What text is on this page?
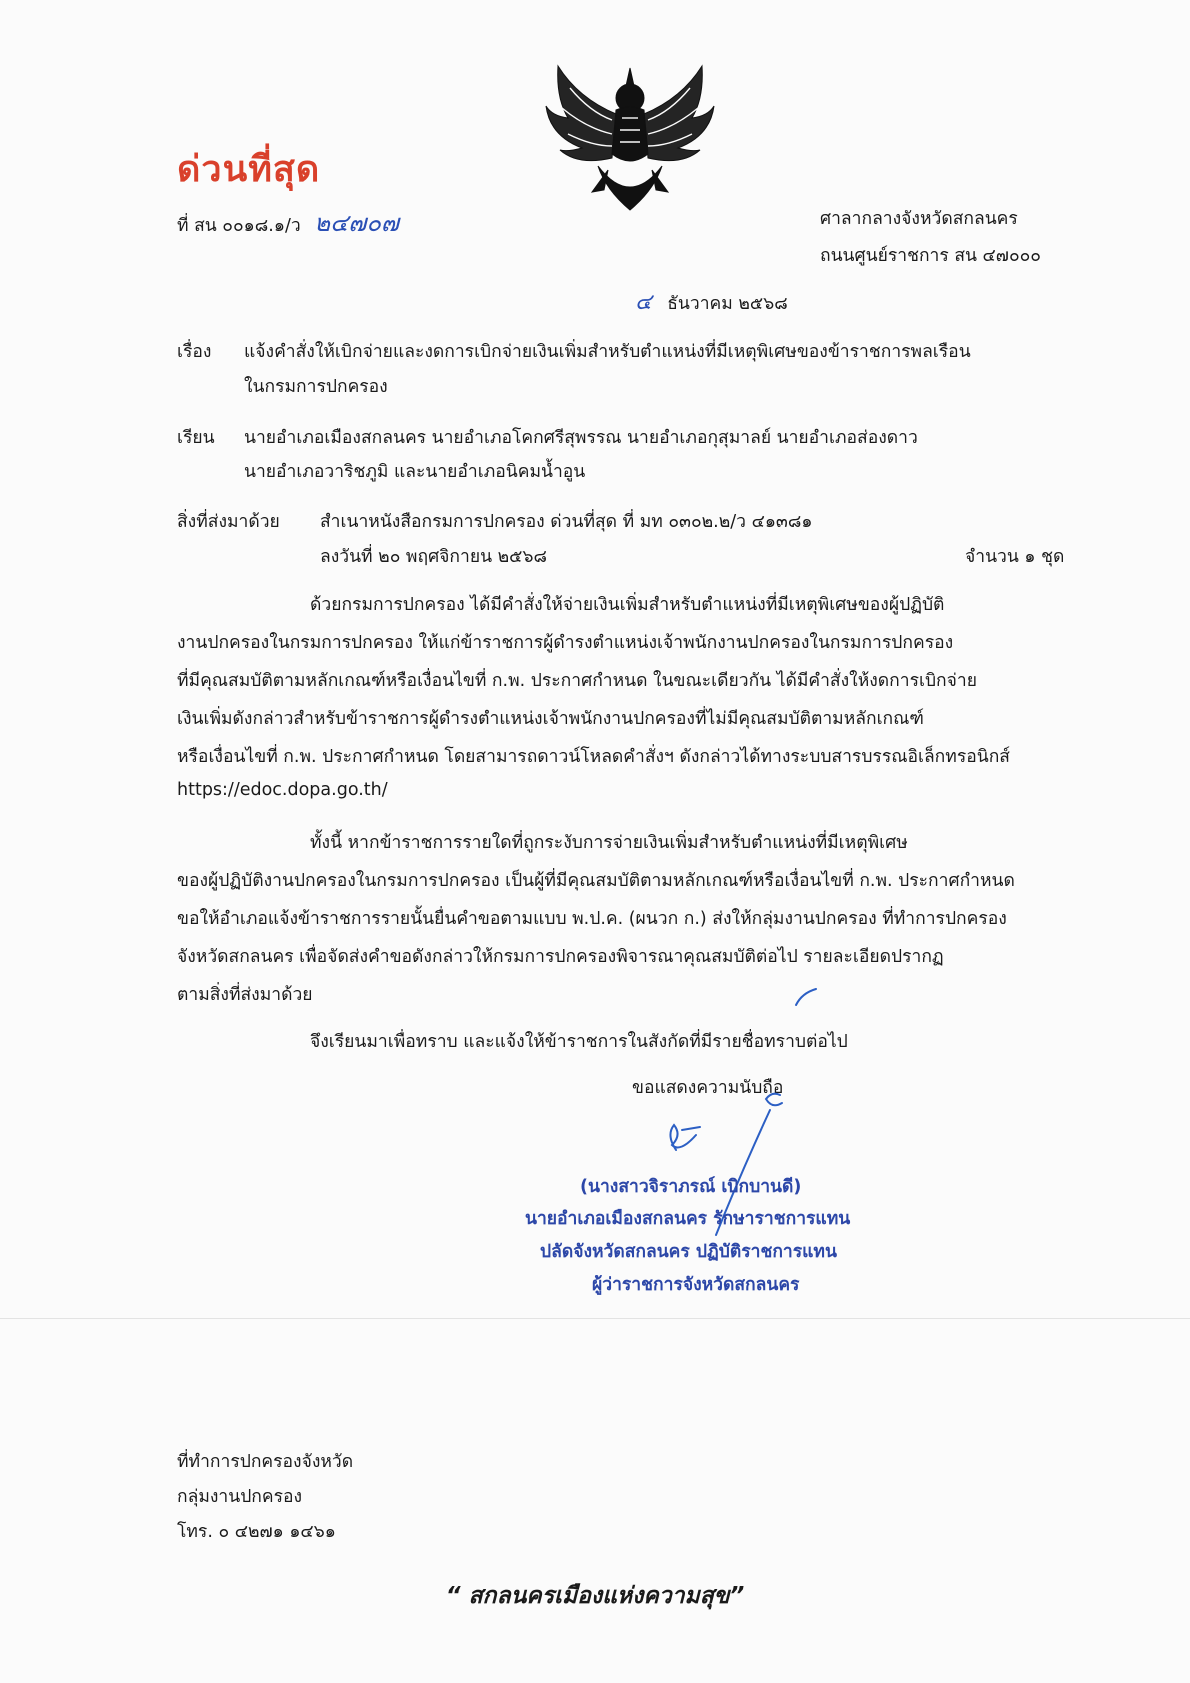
ด่วนที่สุด
ที่ สน ๐๐๑๘.๑/ว ๒๔๗๐๗	ศาลากลางจังหวัดสกลนคร
ถนนศูนย์ราชการ สน ๔๗๐๐๐
๔ ธันวาคม ๒๕๖๘
เรื่อง แจ้งคำสั่งให้เบิกจ่ายและงดการเบิกจ่ายเงินเพิ่มสำหรับตำแหน่งที่มีเหตุพิเศษของข้าราชการพลเรือน
ในกรมการปกครอง
เรียน นายอำเภอเมืองสกลนคร นายอำเภอโคกศรีสุพรรณ นายอำเภอกุสุมาลย์ นายอำเภอส่องดาว
นายอำเภอวาริชภูมิ และนายอำเภอนิคมน้ำอูน
สิ่งที่ส่งมาด้วย สำเนาหนังสือกรมการปกครอง ด่วนที่สุด ที่ มท ๐๓๐๒.๒/ว ๔๑๓๘๑
ลงวันที่ ๒๐ พฤศจิกายน ๒๕๖๘	จำนวน ๑ ชุด
ด้วยกรมการปกครอง ได้มีคำสั่งให้จ่ายเงินเพิ่มสำหรับตำแหน่งที่มีเหตุพิเศษของผู้ปฏิบัติ
งานปกครองในกรมการปกครอง ให้แก่ข้าราชการผู้ดำรงตำแหน่งเจ้าพนักงานปกครองในกรมการปกครอง
ที่มีคุณสมบัติตามหลักเกณฑ์หรือเงื่อนไขที่ ก.พ. ประกาศกำหนด ในขณะเดียวกัน ได้มีคำสั่งให้งดการเบิกจ่าย
เงินเพิ่มดังกล่าวสำหรับข้าราชการผู้ดำรงตำแหน่งเจ้าพนักงานปกครองที่ไม่มีคุณสมบัติตามหลักเกณฑ์
หรือเงื่อนไขที่ ก.พ. ประกาศกำหนด โดยสามารถดาวน์โหลดคำสั่งฯ ดังกล่าวได้ทางระบบสารบรรณอิเล็กทรอนิกส์
https://edoc.dopa.go.th/
ทั้งนี้ หากข้าราชการรายใดที่ถูกระงับการจ่ายเงินเพิ่มสำหรับตำแหน่งที่มีเหตุพิเศษ
ของผู้ปฏิบัติงานปกครองในกรมการปกครอง เป็นผู้ที่มีคุณสมบัติตามหลักเกณฑ์หรือเงื่อนไขที่ ก.พ. ประกาศกำหนด
ขอให้อำเภอแจ้งข้าราชการรายนั้นยื่นคำขอตามแบบ พ.ป.ค. (ผนวก ก.) ส่งให้กลุ่มงานปกครอง ที่ทำการปกครอง
จังหวัดสกลนคร เพื่อจัดส่งคำขอดังกล่าวให้กรมการปกครองพิจารณาคุณสมบัติต่อไป รายละเอียดปรากฏ
ตามสิ่งที่ส่งมาด้วย
จึงเรียนมาเพื่อทราบ และแจ้งให้ข้าราชการในสังกัดที่มีรายชื่อทราบต่อไป
ขอแสดงความนับถือ
(นางสาวจิราภรณ์ เบิกบานดี)
นายอำเภอเมืองสกลนคร รักษาราชการแทน
ปลัดจังหวัดสกลนคร ปฏิบัติราชการแทน
ผู้ว่าราชการจังหวัดสกลนคร
ที่ทำการปกครองจังหวัด
กลุ่มงานปกครอง
โทร. ๐ ๔๒๗๑ ๑๔๖๑
“ สกลนครเมืองแห่งความสุข”
